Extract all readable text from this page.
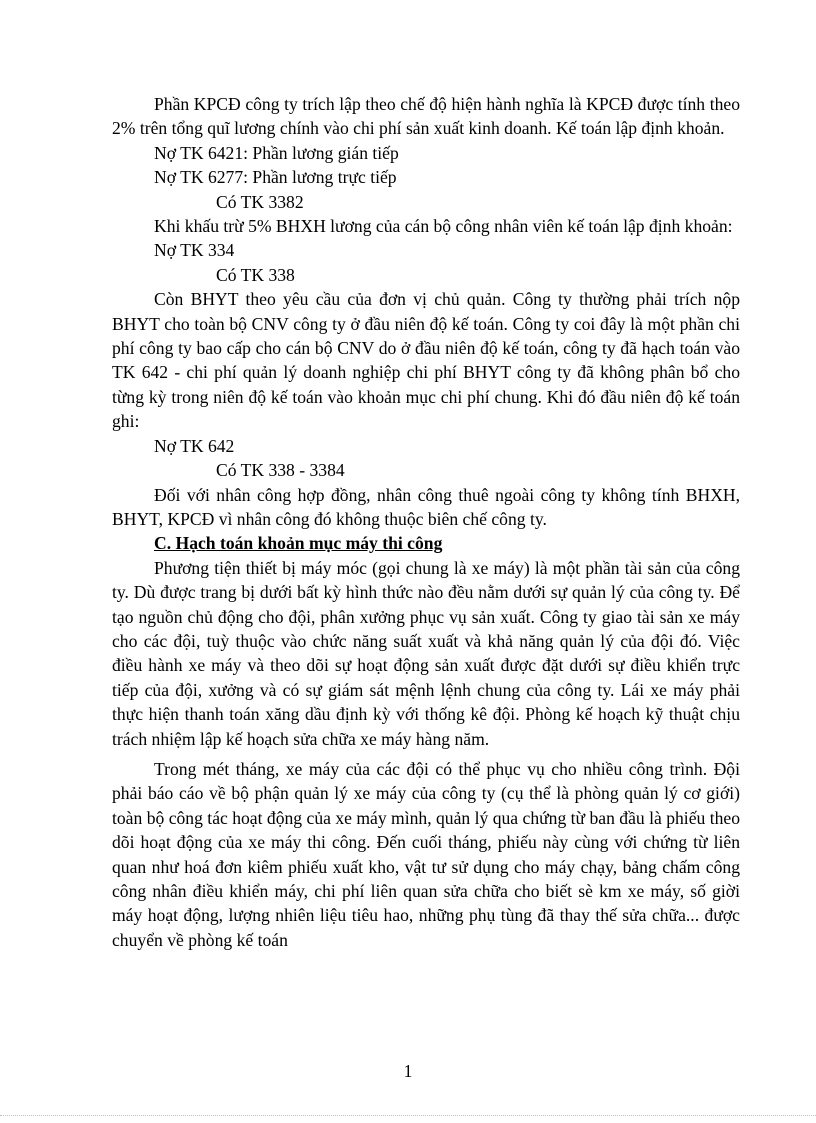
Phần KPCĐ công ty trích lập theo chế độ hiện hành nghĩa là KPCĐ được tính theo 2% trên tổng quĩ lương chính vào chi phí sản xuất kinh doanh. Kế toán lập định khoản.

Nợ TK 6421: Phần lương gián tiếp

Nợ TK 6277: Phần lương trực tiếp

Có TK 3382

Khi khấu trừ 5% BHXH lương của cán bộ công nhân viên kế toán lập định khoản:

Nợ TK 334

Có TK 338

Còn BHYT theo yêu cầu của đơn vị chủ quản. Công ty thường phải trích nộp BHYT cho toàn bộ CNV công ty ở đầu niên độ kế toán. Công ty coi đây là một phần chi phí công ty bao cấp cho cán bộ CNV do ở đầu niên độ kế toán, công ty đã hạch toán vào TK 642 - chi phí quản lý doanh nghiệp chi phí BHYT công ty đã không phân bổ cho từng kỳ trong niên độ kế toán vào khoản mục chi phí chung. Khi đó đầu niên độ kế toán ghi:

Nợ TK 642

Có TK 338 - 3384

Đối với nhân công hợp đồng, nhân công thuê ngoài công ty không tính BHXH, BHYT, KPCĐ vì nhân công đó không thuộc biên chế công ty.

C. Hạch toán khoản mục máy thi công

Phương tiện thiết bị máy móc (gọi chung là xe máy) là một phần tài sản của công ty. Dù được trang bị dưới bất kỳ hình thức nào đều nằm dưới sự quản lý của công ty. Để tạo nguồn chủ động cho đội, phân xưởng phục vụ sản xuất. Công ty giao tài sản xe máy cho các đội, tuỳ thuộc vào chức năng suất xuất và khả năng quản lý của đội đó. Việc điều hành xe máy và theo dõi sự hoạt động sản xuất được đặt dưới sự điều khiển trực tiếp của đội, xưởng và có sự giám sát mệnh lệnh chung của công ty. Lái xe máy phải thực hiện thanh toán xăng dầu định kỳ với thống kê đội. Phòng kế hoạch kỹ thuật chịu trách nhiệm lập kế hoạch sửa chữa xe máy hàng năm.

Trong mét tháng, xe máy của các đội có thể phục vụ cho nhiều công trình. Đội phải báo cáo về bộ phận quản lý xe máy của công ty (cụ thể là phòng quản lý cơ giới) toàn bộ công tác hoạt động của xe máy mình, quản lý qua chứng từ ban đầu là phiếu theo dõi hoạt động của xe máy thi công. Đến cuối tháng, phiếu này cùng với chứng từ liên quan như hoá đơn kiêm phiếu xuất kho, vật tư sử dụng cho máy chạy, bảng chấm công công nhân điều khiển máy, chi phí liên quan sửa chữa cho biết sè km xe máy, số giời máy hoạt động, lượng nhiên liệu tiêu hao, những phụ tùng đã thay thế sửa chữa... được chuyển về phòng kế toán

1
